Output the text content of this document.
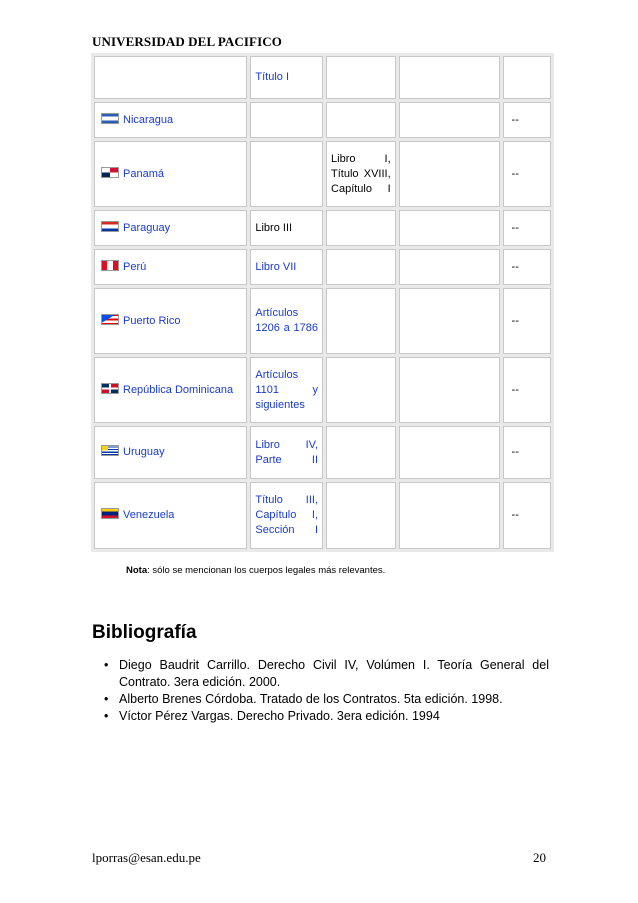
UNIVERSIDAD DEL PACIFICO
	Título I			
Nicaragua				--
Panamá		Libro I, Título XVIII, Capítulo I		--
Paraguay	Libro III			--
Perú	Libro VII			--
Puerto Rico	Artículos 1206 a 1786			--
República Dominicana	Artículos 1101 y siguientes			--
Uruguay	Libro IV, Parte II			--
Venezuela	Título III, Capítulo I, Sección I			--
Nota: sólo se mencionan los cuerpos legales más relevantes.
Bibliografía
• Diego Baudrit Carrillo. Derecho Civil IV, Volúmen I. Teoría General del Contrato. 3era edición. 2000.
• Alberto Brenes Córdoba. Tratado de los Contratos. 5ta edición. 1998.
• Víctor Pérez Vargas. Derecho Privado. 3era edición. 1994
lporras@esan.edu.pe	20
